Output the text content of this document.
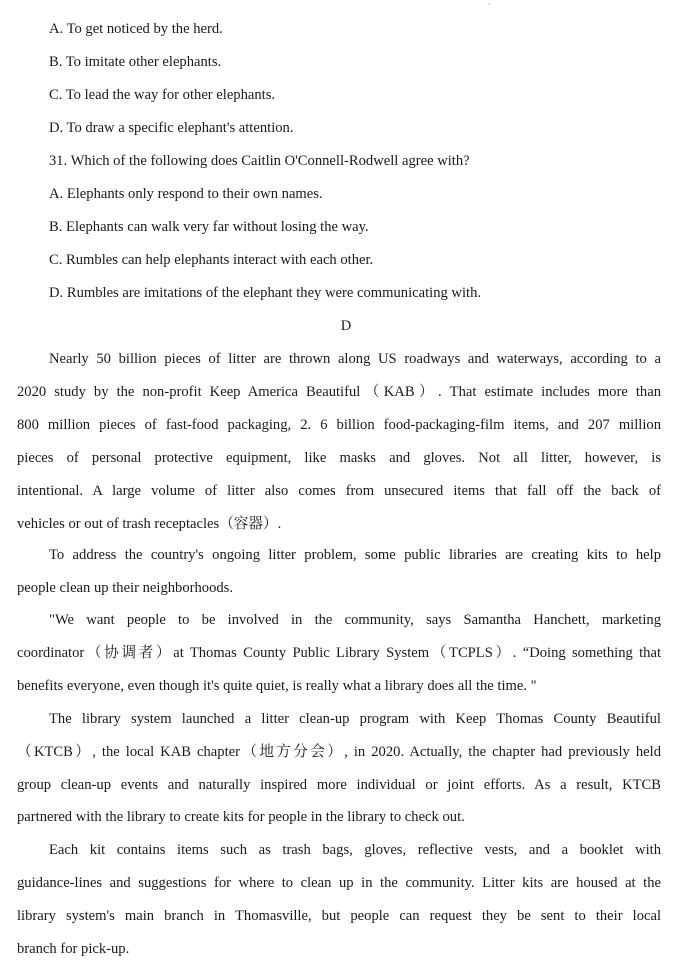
A. To get noticed by the herd.
B. To imitate other elephants.
C. To lead the way for other elephants.
D. To draw a specific elephant's attention.
31. Which of the following does Caitlin O'Connell-Rodwell agree with?
A. Elephants only respond to their own names.
B. Elephants can walk very far without losing the way.
C. Rumbles can help elephants interact with each other.
D. Rumbles are imitations of the elephant they were communicating with.
D
Nearly 50 billion pieces of litter are thrown along US roadways and waterways, according to a
2020 study by the non-profit Keep America Beautiful（KAB）. That estimate includes more than
800 million pieces of fast-food packaging, 2. 6 billion food-packaging-film items, and 207 million
pieces of personal protective equipment, like masks and gloves. Not all litter, however, is
intentional. A large volume of litter also comes from unsecured items that fall off the back of
vehicles or out of trash receptacles（容器）.
To address the country's ongoing litter problem, some public libraries are creating kits to help
people clean up their neighborhoods.
"We want people to be involved in the community, says Samantha Hanchett, marketing
coordinator（协调者）at Thomas County Public Library System（TCPLS）. “Doing something that
benefits everyone, even though it's quite quiet, is really what a library does all the time. "
The library system launched a litter clean-up program with Keep Thomas County Beautiful
（KTCB）, the local KAB chapter（地方分会）, in 2020. Actually, the chapter had previously held
group clean-up events and naturally inspired more individual or joint efforts. As a result, KTCB
partnered with the library to create kits for people in the library to check out.
Each kit contains items such as trash bags, gloves, reflective vests, and a booklet with
guidance-lines and suggestions for where to clean up in the community. Litter kits are housed at the
library system's main branch in Thomasville, but people can request they be sent to their local
branch for pick-up.
